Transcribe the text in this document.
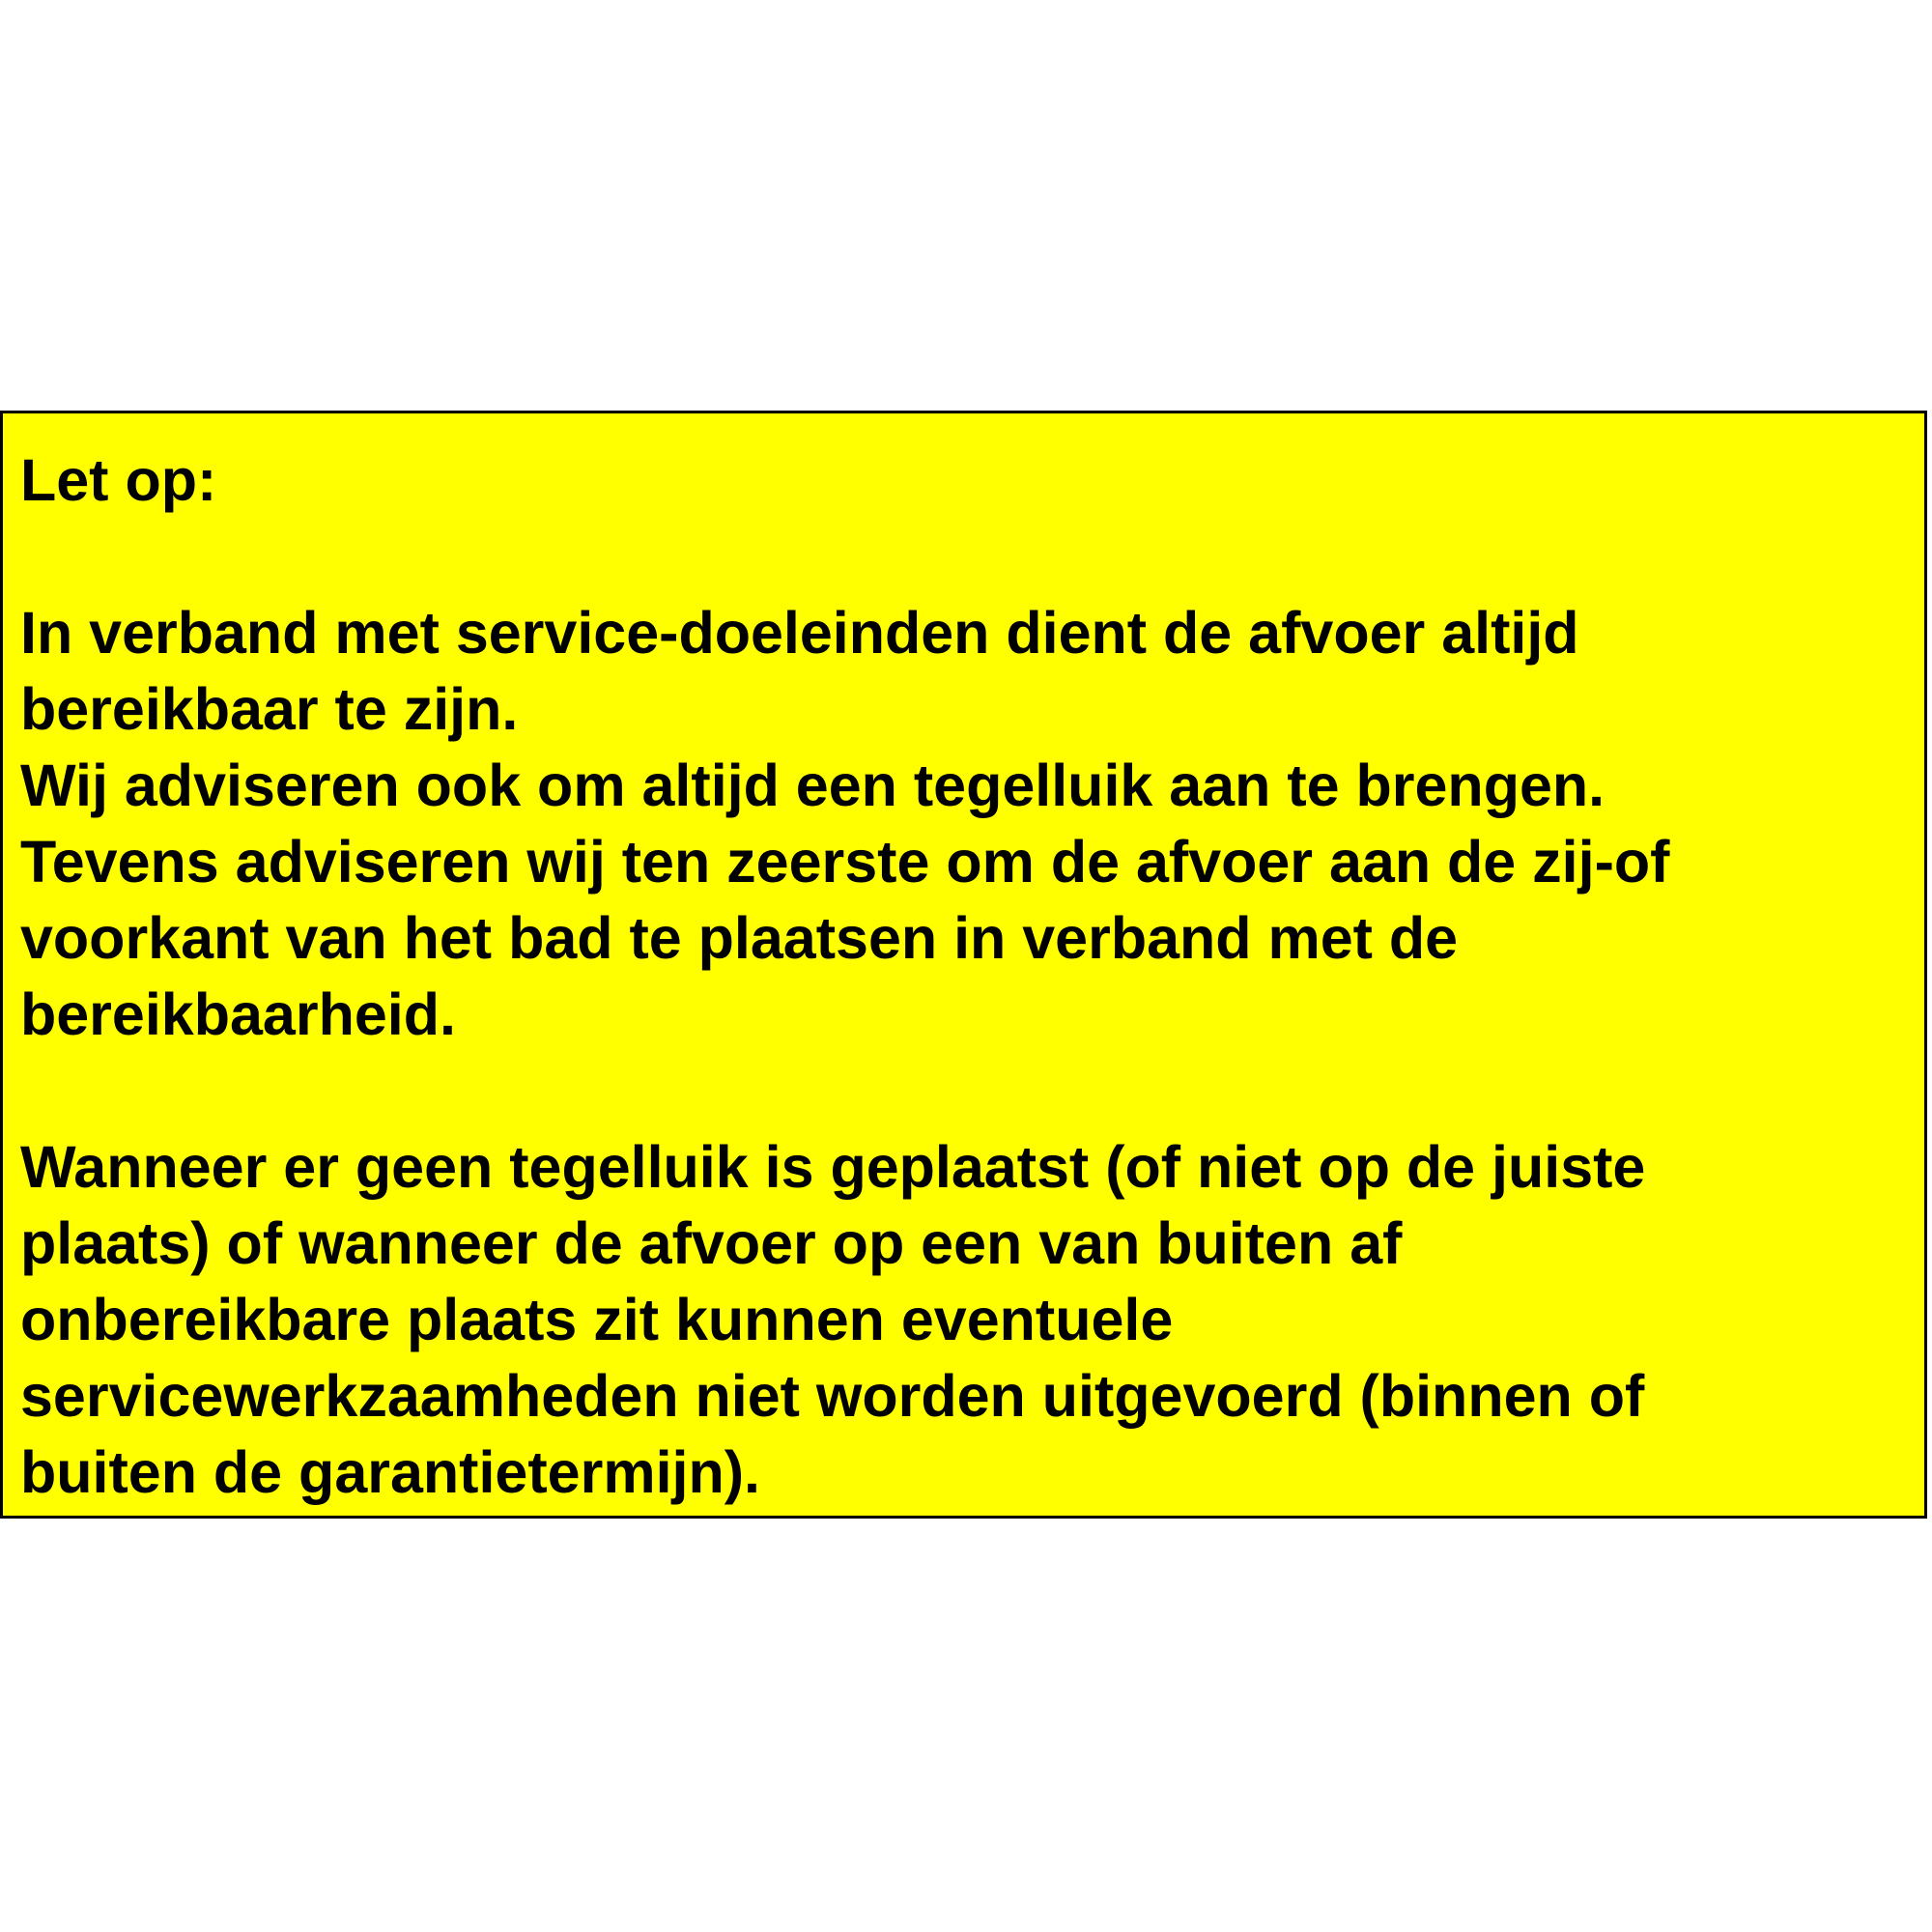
Let op:
In verband met service-doeleinden dient de afvoer altijd
bereikbaar te zijn.
Wij adviseren ook om altijd een tegelluik aan te brengen.
Tevens adviseren wij ten zeerste om de afvoer aan de zij-of
voorkant van het bad te plaatsen in verband met de
bereikbaarheid.
Wanneer er geen tegelluik is geplaatst (of niet op de juiste
plaats) of wanneer de afvoer op een van buiten af
onbereikbare plaats zit kunnen eventuele
servicewerkzaamheden niet worden uitgevoerd (binnen of
buiten de garantietermijn).
